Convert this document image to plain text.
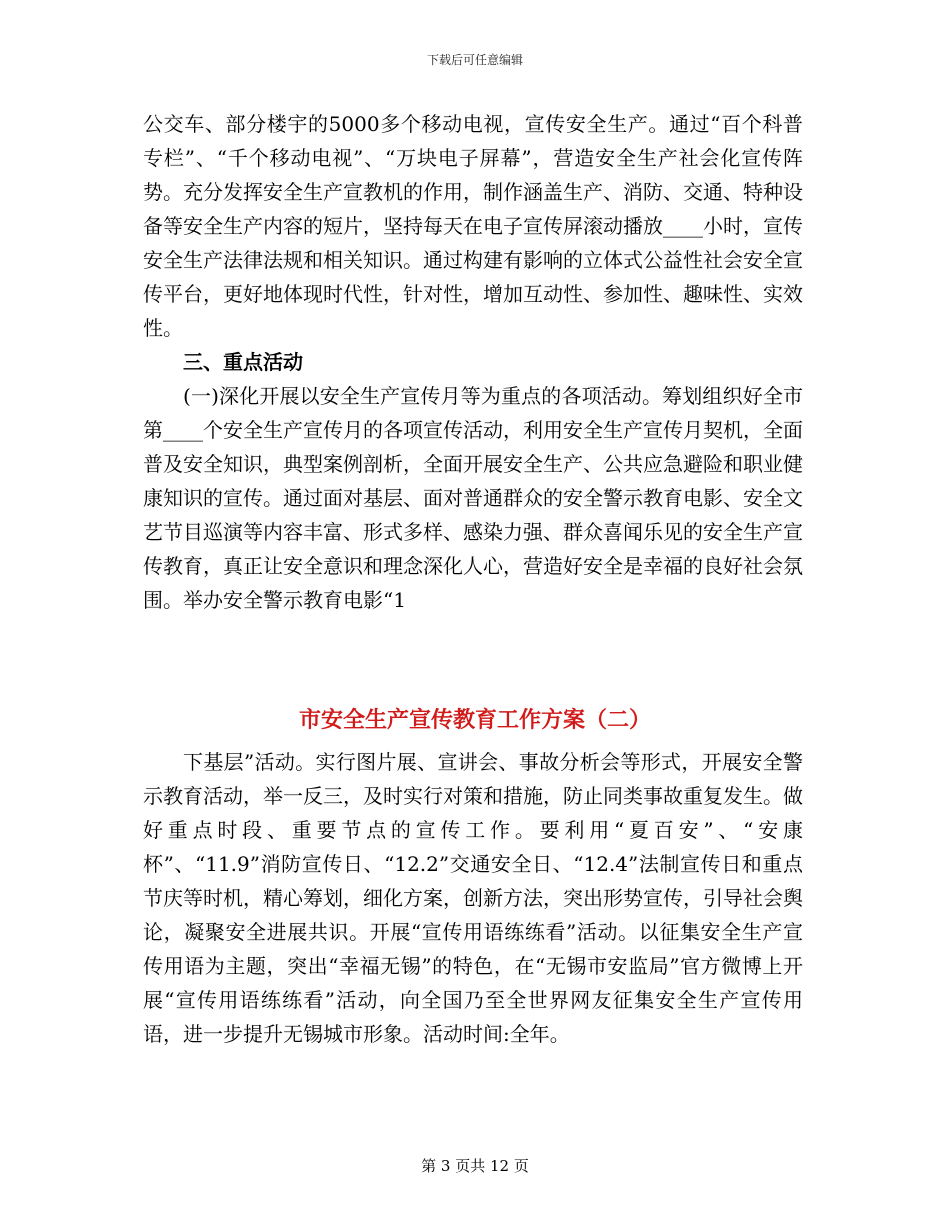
下载后可任意编辑

公交车、部分楼宇的5000多个移动电视，宣传安全生产。通过“百个科普专栏”、“千个移动电视”、“万块电子屏幕”，营造安全生产社会化宣传阵势。充分发挥安全生产宣教机的作用，制作涵盖生产、消防、交通、特种设备等安全生产内容的短片，坚持每天在电子宣传屏滚动播放____小时，宣传安全生产法律法规和相关知识。通过构建有影响的立体式公益性社会安全宣传平台，更好地体现时代性，针对性，增加互动性、参加性、趣味性、实效性。

三、重点活动

(一)深化开展以安全生产宣传月等为重点的各项活动。筹划组织好全市第____个安全生产宣传月的各项宣传活动，利用安全生产宣传月契机，全面普及安全知识，典型案例剖析，全面开展安全生产、公共应急避险和职业健康知识的宣传。通过面对基层、面对普通群众的安全警示教育电影、安全文艺节目巡演等内容丰富、形式多样、感染力强、群众喜闻乐见的安全生产宣传教育，真正让安全意识和理念深化人心，营造好安全是幸福的良好社会氛围。举办安全警示教育电影“1

市安全生产宣传教育工作方案（二）

下基层”活动。实行图片展、宣讲会、事故分析会等形式，开展安全警示教育活动，举一反三，及时实行对策和措施，防止同类事故重复发生。做好重点时段、重要节点的宣传工作。要利用“夏百安”、“安康杯”、“11.9”消防宣传日、“12.2”交通安全日、“12.4”法制宣传日和重点节庆等时机，精心筹划，细化方案，创新方法，突出形势宣传，引导社会舆论，凝聚安全进展共识。开展“宣传用语练练看”活动。以征集安全生产宣传用语为主题，突出“幸福无锡”的特色，在“无锡市安监局”官方微博上开展“宣传用语练练看”活动，向全国乃至全世界网友征集安全生产宣传用语，进一步提升无锡城市形象。活动时间:全年。

第 3 页共 12 页
